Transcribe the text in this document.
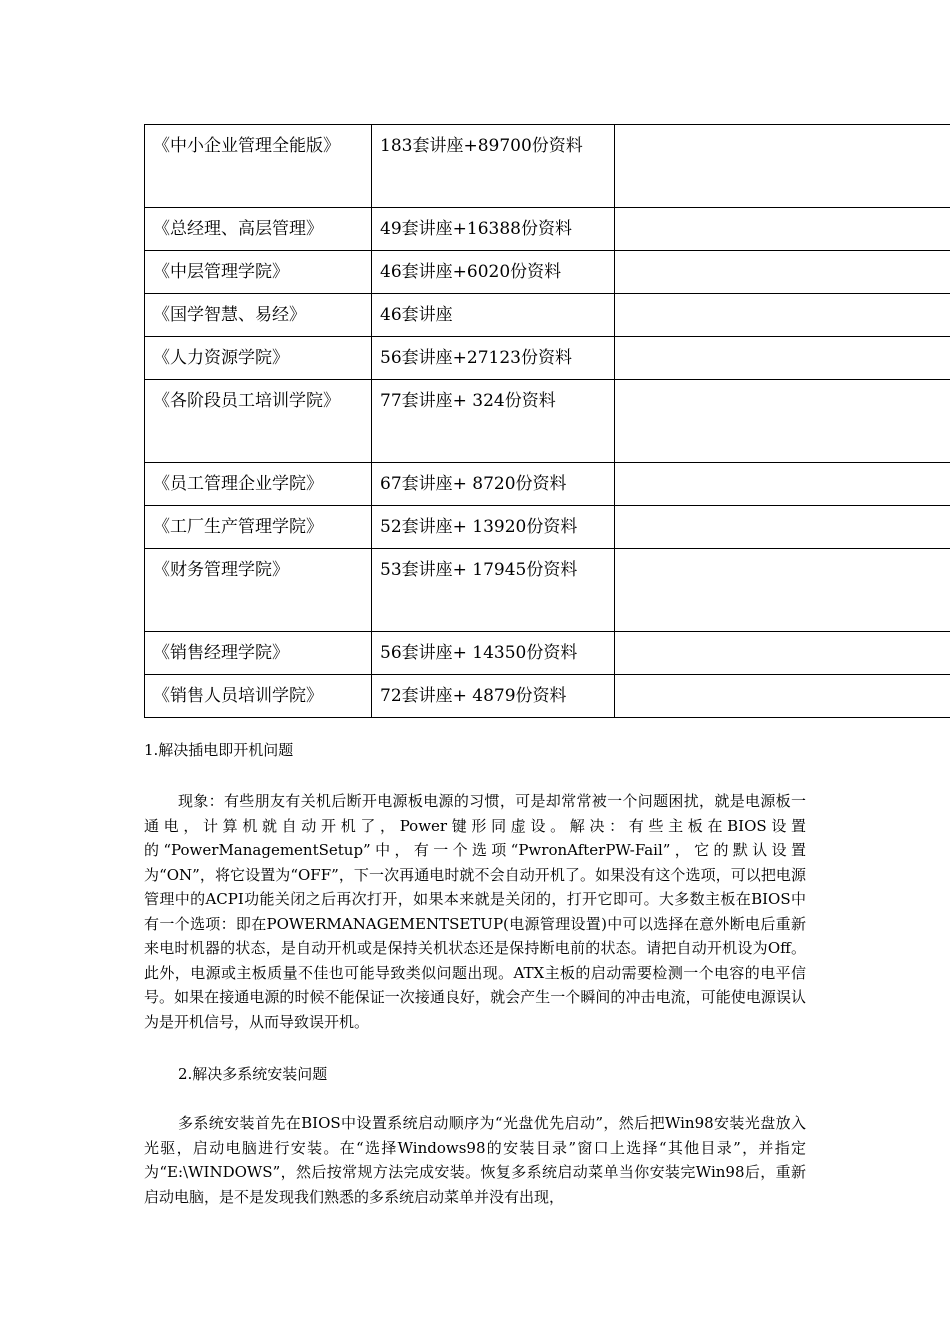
《中小企业管理全能版》	183套讲座+89700份资料	
《总经理、高层管理》	49套讲座+16388份资料	
《中层管理学院》	46套讲座+6020份资料	
《国学智慧、易经》	46套讲座	
《人力资源学院》	56套讲座+27123份资料	
《各阶段员工培训学院》	77套讲座+ 324份资料	
《员工管理企业学院》	67套讲座+ 8720份资料	
《工厂生产管理学院》	52套讲座+ 13920份资料	
《财务管理学院》	53套讲座+ 17945份资料	
《销售经理学院》	56套讲座+ 14350份资料	
《销售人员培训学院》	72套讲座+ 4879份资料	
1.解决插电即开机问题

现象：有些朋友有关机后断开电源板电源的习惯，可是却常常被一个问题困扰，就是电源板一通电，计算机就自动开机了，Power键形同虚设。解决：有些主板在BIOS设置的“PowerManagementSetup”中，有一个选项“PwronAfterPW-Fail”，它的默认设置为“ON”，将它设置为“OFF”，下一次再通电时就不会自动开机了。如果没有这个选项，可以把电源管理中的ACPI功能关闭之后再次打开，如果本来就是关闭的，打开它即可。大多数主板在BIOS中有一个选项：即在POWERMANAGEMENTSETUP(电源管理设置)中可以选择在意外断电后重新来电时机器的状态，是自动开机或是保持关机状态还是保持断电前的状态。请把自动开机设为Off。 此外，电源或主板质量不佳也可能导致类似问题出现。ATX主板的启动需要检测一个电容的电平信号。如果在接通电源的时候不能保证一次接通良好，就会产生一个瞬间的冲击电流，可能使电源误认为是开机信号，从而导致误开机。

2.解决多系统安装问题

多系统安装首先在BIOS中设置系统启动顺序为“光盘优先启动”，然后把Win98安装光盘放入光驱，启动电脑进行安装。在“选择Windows98的安装目录”窗口上选择“其他目录”，并指定为“E:\WINDOWS”，然后按常规方法完成安装。恢复多系统启动菜单当你安装完Win98后，重新启动电脑，是不是发现我们熟悉的多系统启动菜单并没有出现，
